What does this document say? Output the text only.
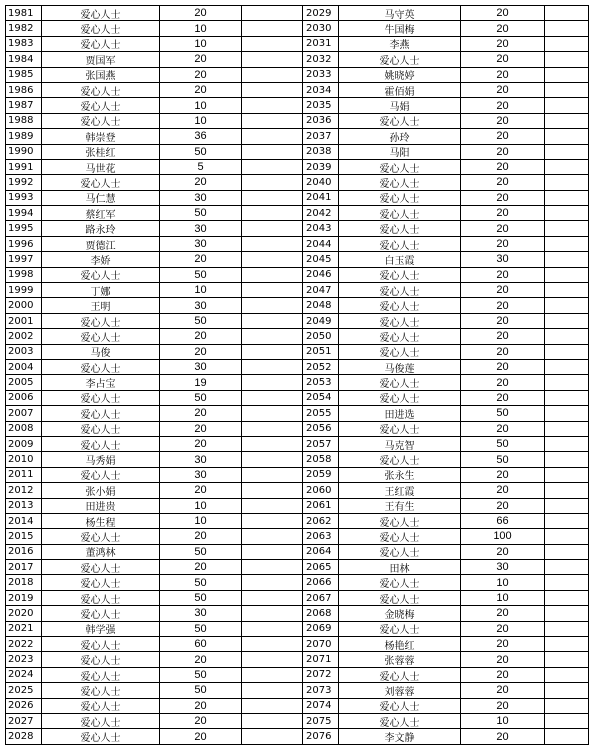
1981	爱心人士	20
1982	爱心人士	10
1983	爱心人士	10
1984	贾国军	20
1985	张国燕	20
1986	爱心人士	20
1987	爱心人士	10
1988	爱心人士	10
1989	韩崇登	36
1990	张桂红	50
1991	马世花	5
1992	爱心人士	20
1993	马仁慧	30
1994	蔡红军	50
1995	路永玲	30
1996	贾德江	30
1997	李娇	20
1998	爱心人士	50
1999	丁娜	10
2000	王明	30
2001	爱心人士	50
2002	爱心人士	20
2003	马俊	20
2004	爱心人士	30
2005	李占宝	19
2006	爱心人士	50
2007	爱心人士	20
2008	爱心人士	20
2009	爱心人士	20
2010	马秀娟	30
2011	爱心人士	30
2012	张小娟	20
2013	田进贵	10
2014	杨生程	10
2015	爱心人士	20
2016	董鸿林	50
2017	爱心人士	20
2018	爱心人士	50
2019	爱心人士	50
2020	爱心人士	30
2021	韩学强	50
2022	爱心人士	60
2023	爱心人士	20
2024	爱心人士	50
2025	爱心人士	50
2026	爱心人士	20
2027	爱心人士	20
2028	爱心人士	20
2029	马守英	20
2030	牛国梅	20
2031	李燕	20
2032	爱心人士	20
2033	姚晓婷	20
2034	霍佰娟	20
2035	马娟	20
2036	爱心人士	20
2037	孙玲	20
2038	马阳	20
2039	爱心人士	20
2040	爱心人士	20
2041	爱心人士	20
2042	爱心人士	20
2043	爱心人士	20
2044	爱心人士	20
2045	白玉霞	30
2046	爱心人士	20
2047	爱心人士	20
2048	爱心人士	20
2049	爱心人士	20
2050	爱心人士	20
2051	爱心人士	20
2052	马俊莲	20
2053	爱心人士	20
2054	爱心人士	20
2055	田进选	50
2056	爱心人士	20
2057	马克智	50
2058	爱心人士	50
2059	张永生	20
2060	王红霞	20
2061	王有生	20
2062	爱心人士	66
2063	爱心人士	100
2064	爱心人士	20
2065	田林	30
2066	爱心人士	10
2067	爱心人士	10
2068	金晓梅	20
2069	爱心人士	20
2070	杨艳红	20
2071	张蓉蓉	20
2072	爱心人士	20
2073	刘蓉蓉	20
2074	爱心人士	20
2075	爱心人士	10
2076	李文静	20
